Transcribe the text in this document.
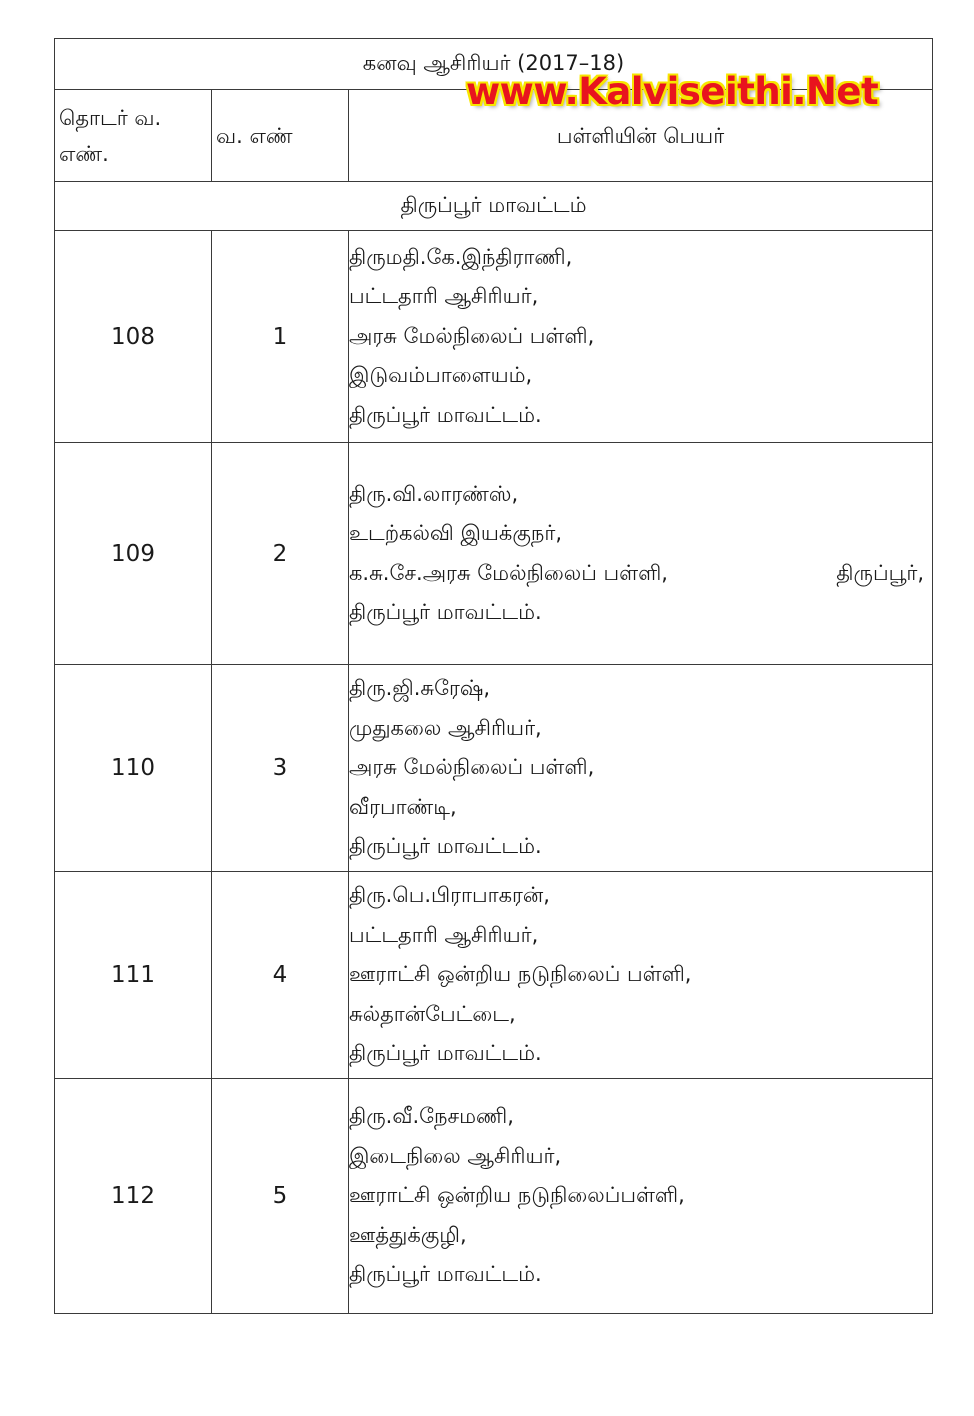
கனவு ஆசிரியர் (2017–18)		
தொடர் வ.
எண்.	வ. எண்	பள்ளியின் பெயர்
திருப்பூர் மாவட்டம்		
108	1	திருமதி.கே.இந்திராணி,
பட்டதாரி ஆசிரியர்,
அரசு மேல்நிலைப் பள்ளி,
இடுவம்பாளையம்,
திருப்பூர் மாவட்டம்.

109	2	திரு.வி.லாரண்ஸ்,
உடற்கல்வி இயக்குநர்,
க.சு.சே.அரசு மேல்நிலைப் பள்ளி, திருப்பூர்,
திருப்பூர் மாவட்டம்.

110	3	திரு.ஜி.சுரேஷ்,
முதுகலை ஆசிரியர்,
அரசு மேல்நிலைப் பள்ளி,
வீரபாண்டி,
திருப்பூர் மாவட்டம்.

111	4	திரு.பெ.பிராபாகரன்,
பட்டதாரி ஆசிரியர்,
ஊராட்சி ஒன்றிய நடுநிலைப் பள்ளி,
சுல்தான்பேட்டை,
திருப்பூர் மாவட்டம்.

112	5	திரு.வீ.நேசமணி,
இடைநிலை ஆசிரியர்,
ஊராட்சி ஒன்றிய நடுநிலைப்பள்ளி,
ஊத்துக்குழி,
திருப்பூர் மாவட்டம்.
www.Kalviseithi.Net
